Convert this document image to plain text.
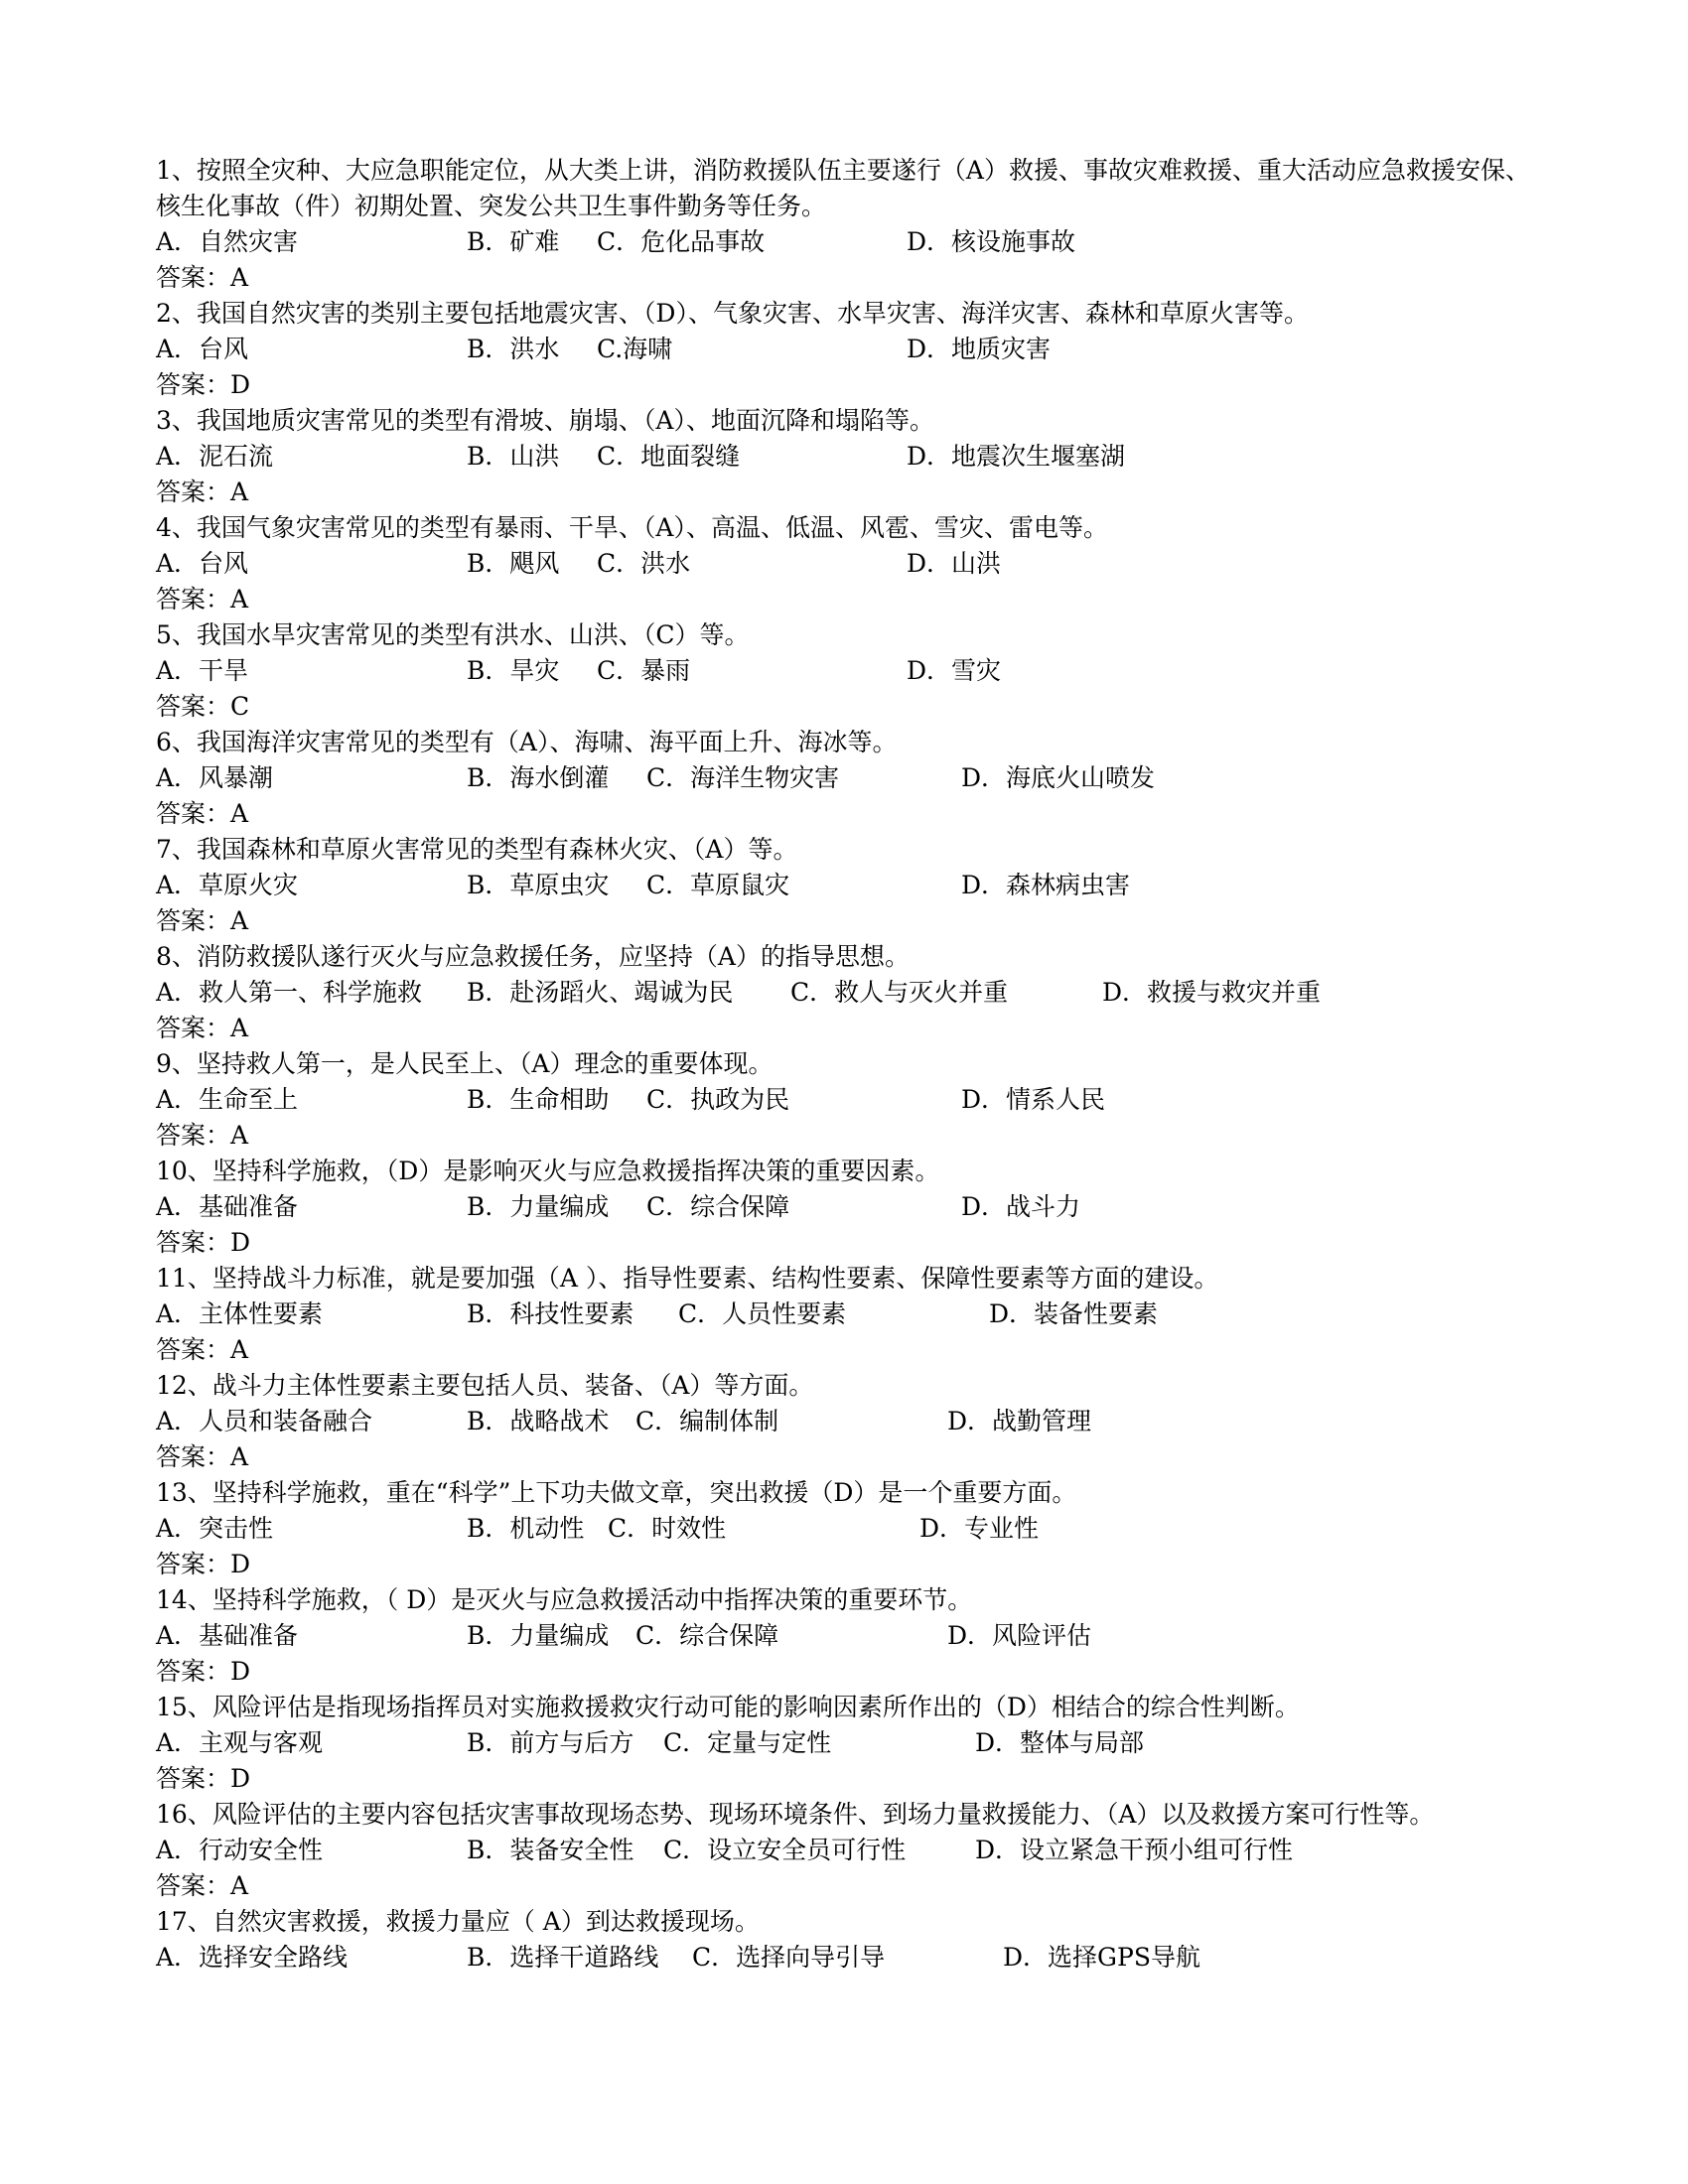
1、按照全灾种、大应急职能定位，从大类上讲，消防救援队伍主要遂行（A）救援、事故灾难救援、重大活动应急救援安保、核生化事故（件）初期处置、突发公共卫生事件勤务等任务。
A．自然灾害	B．矿难 C．危化品事故	D．核设施事故
答案：A
2、我国自然灾害的类别主要包括地震灾害、（D）、气象灾害、水旱灾害、海洋灾害、森林和草原火害等。
A．台风	B．洪水 C.海啸	D．地质灾害
答案：D
3、我国地质灾害常见的类型有滑坡、崩塌、（A）、地面沉降和塌陷等。
A．泥石流	B．山洪 C．地面裂缝	D．地震次生堰塞湖
答案：A
4、我国气象灾害常见的类型有暴雨、干旱、（A）、高温、低温、风雹、雪灾、雷电等。
A．台风	B．飓风 C．洪水	D．山洪
答案：A
5、我国水旱灾害常见的类型有洪水、山洪、（C）等。
A．干旱	B．旱灾 C．暴雨	D．雪灾
答案：C
6、我国海洋灾害常见的类型有（A）、海啸、海平面上升、海冰等。
A．风暴潮	B．海水倒灌 C．海洋生物灾害	D．海底火山喷发
答案：A
7、我国森林和草原火害常见的类型有森林火灾、（A）等。
A．草原火灾	B．草原虫灾 C．草原鼠灾	D．森林病虫害
答案：A
8、消防救援队遂行灭火与应急救援任务，应坚持（A）的指导思想。
A．救人第一、科学施救 B．赴汤蹈火、竭诚为民 C．救人与灭火并重	D．救援与救灾并重
答案：A
9、坚持救人第一，是人民至上、（A）理念的重要体现。
A．生命至上	B．生命相助 C．执政为民	D．情系人民
答案：A
10、坚持科学施救，（D）是影响灭火与应急救援指挥决策的重要因素。
A．基础准备	B．力量编成 C．综合保障	D．战斗力
答案：D
11、坚持战斗力标准，就是要加强（A ）、指导性要素、结构性要素、保障性要素等方面的建设。
A．主体性要素	B．科技性要素 C．人员性要素	D．装备性要素
答案：A
12、战斗力主体性要素主要包括人员、装备、（A）等方面。
A．人员和装备融合	B．战略战术 C．编制体制	D．战勤管理
答案：A
13、坚持科学施救，重在“科学”上下功夫做文章，突出救援（D）是一个重要方面。
A．突击性	B．机动性 C．时效性	D．专业性
答案：D
14、坚持科学施救，（ D）是灭火与应急救援活动中指挥决策的重要环节。
A．基础准备	B．力量编成 C．综合保障	D．风险评估
答案：D
15、风险评估是指现场指挥员对实施救援救灾行动可能的影响因素所作出的（D）相结合的综合性判断。
A．主观与客观	B．前方与后方 C．定量与定性	D．整体与局部
答案：D
16、风险评估的主要内容包括灾害事故现场态势、现场环境条件、到场力量救援能力、（A）以及救援方案可行性等。
A．行动安全性	B．装备安全性 C．设立安全员可行性	D．设立紧急干预小组可行性
答案：A
17、自然灾害救援，救援力量应（ A）到达救援现场。
A．选择安全路线	B．选择干道路线 C．选择向导引导	D．选择GPS导航
